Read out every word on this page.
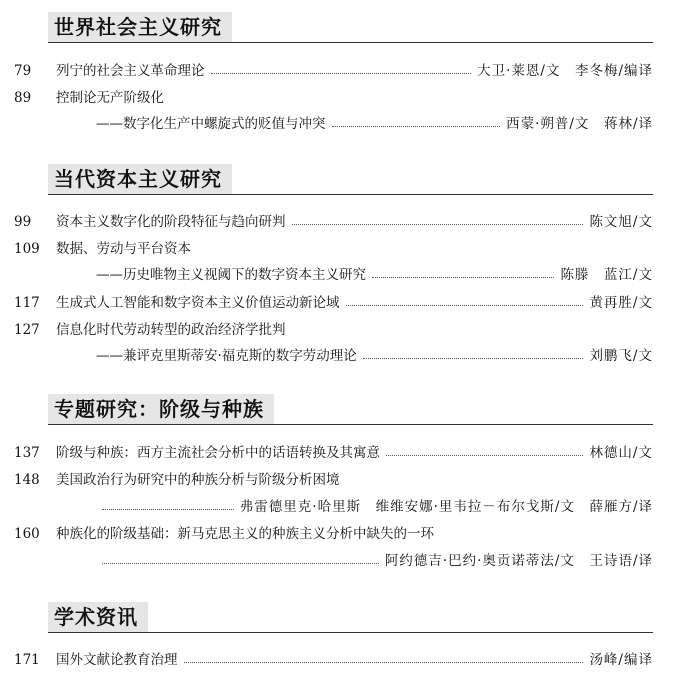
世界社会主义研究
79	列宁的社会主义革命理论	大卫·莱恩/文　李冬梅/编译
89	控制论无产阶级化
——数字化生产中螺旋式的贬值与冲突	西蒙·朔普/文　蒋林/译
当代资本主义研究
99	资本主义数字化的阶段特征与趋向研判	陈文旭/文
109	数据、劳动与平台资本
——历史唯物主义视阈下的数字资本主义研究	陈滕　蓝江/文
117	生成式人工智能和数字资本主义价值运动新论域	黄再胜/文
127	信息化时代劳动转型的政治经济学批判
——兼评克里斯蒂安·福克斯的数字劳动理论	刘鹏飞/文
专题研究：阶级与种族
137	阶级与种族：西方主流社会分析中的话语转换及其寓意	林德山/文
148	美国政治行为研究中的种族分析与阶级分析困境
弗雷德里克·哈里斯　维维安娜·里韦拉－布尔戈斯/文　薛雁方/译
160	种族化的阶级基础：新马克思主义的种族主义分析中缺失的一环
阿约德吉·巴约·奥贡诺蒂法/文　王诗语/译
学术资讯
171	国外文献论教育治理	汤峰/编译
